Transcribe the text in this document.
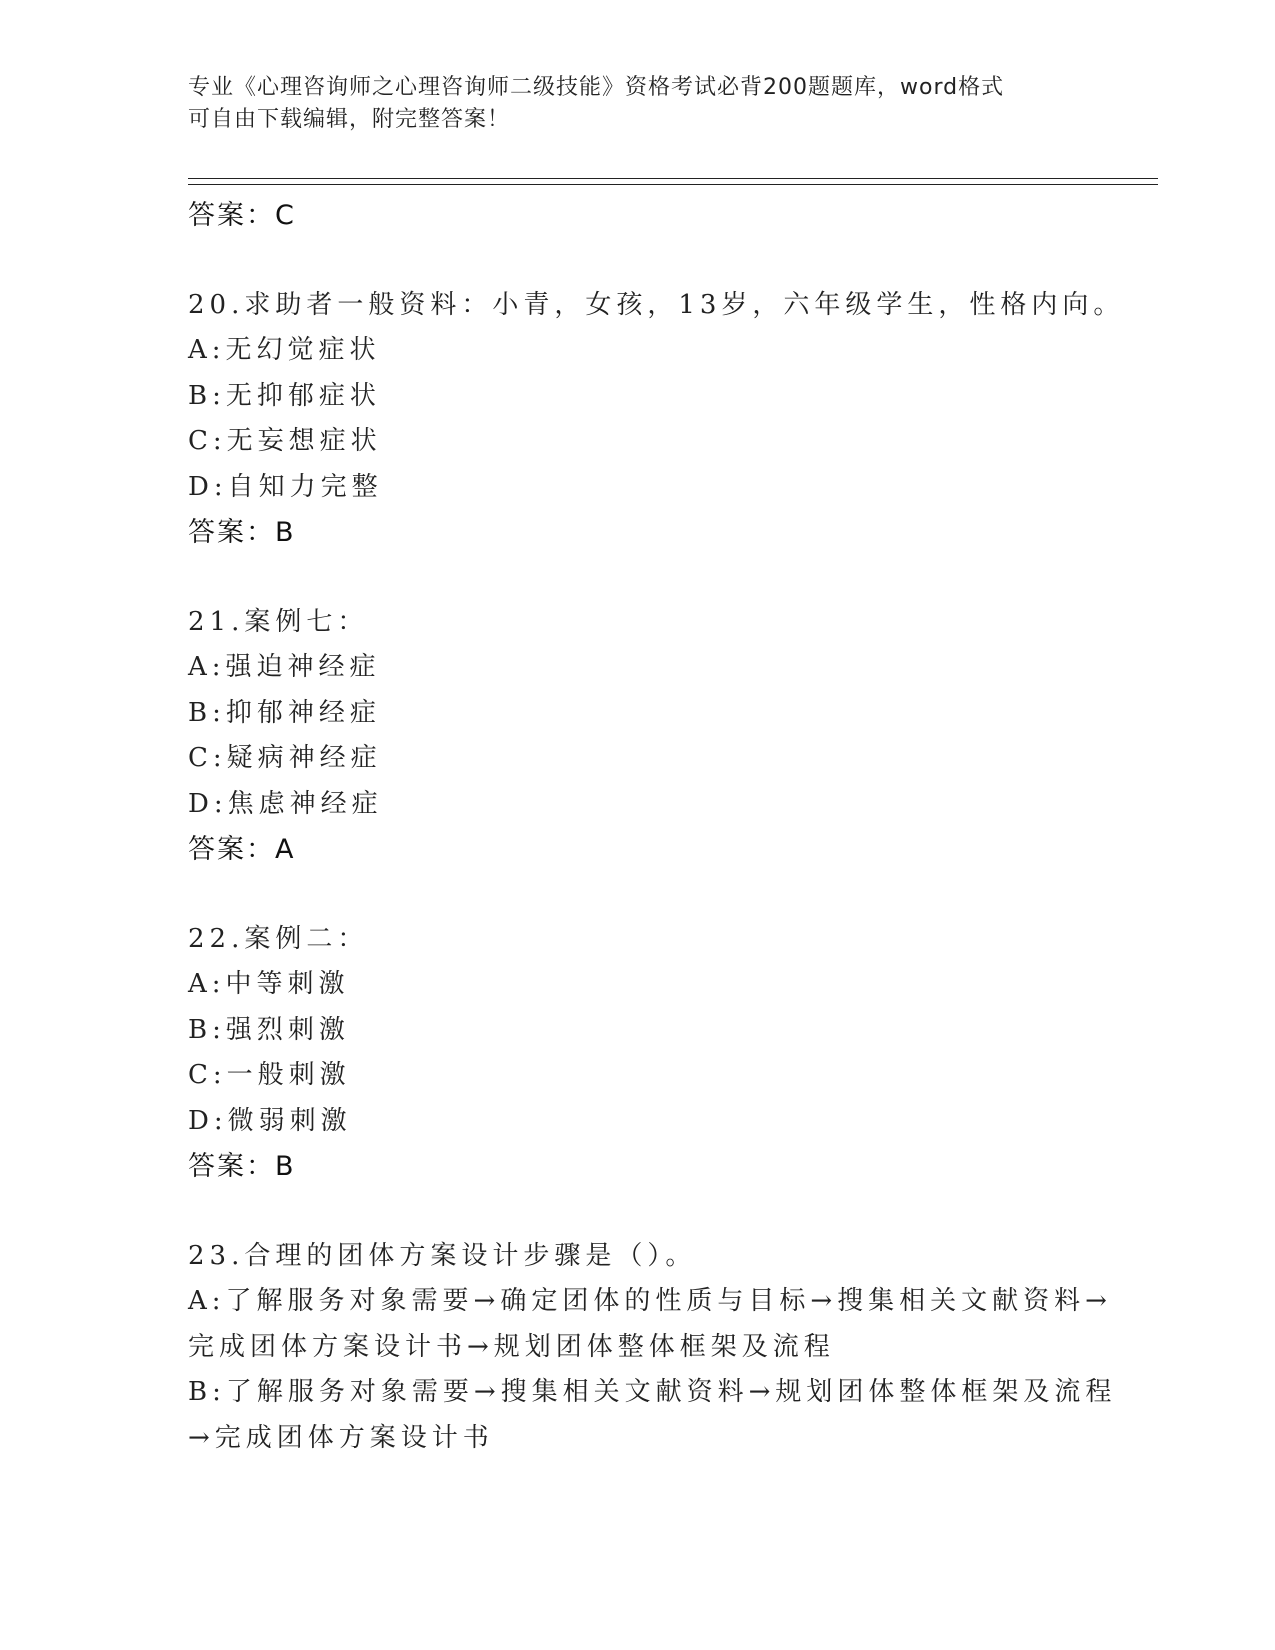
专业《心理咨询师之心理咨询师二级技能》资格考试必背200题题库，word格式
可自由下载编辑，附完整答案！
答案：C
20.求助者一般资料：小青，女孩，13岁，六年级学生，性格内向。
A:无幻觉症状
B:无抑郁症状
C:无妄想症状
D:自知力完整
答案：B
21.案例七：
A:强迫神经症
B:抑郁神经症
C:疑病神经症
D:焦虑神经症
答案：A
22.案例二：
A:中等刺激
B:强烈刺激
C:一般刺激
D:微弱刺激
答案：B
23.合理的团体方案设计步骤是（）。
A:了解服务对象需要→确定团体的性质与目标→搜集相关文献资料→
完成团体方案设计书→规划团体整体框架及流程
B:了解服务对象需要→搜集相关文献资料→规划团体整体框架及流程
→完成团体方案设计书
